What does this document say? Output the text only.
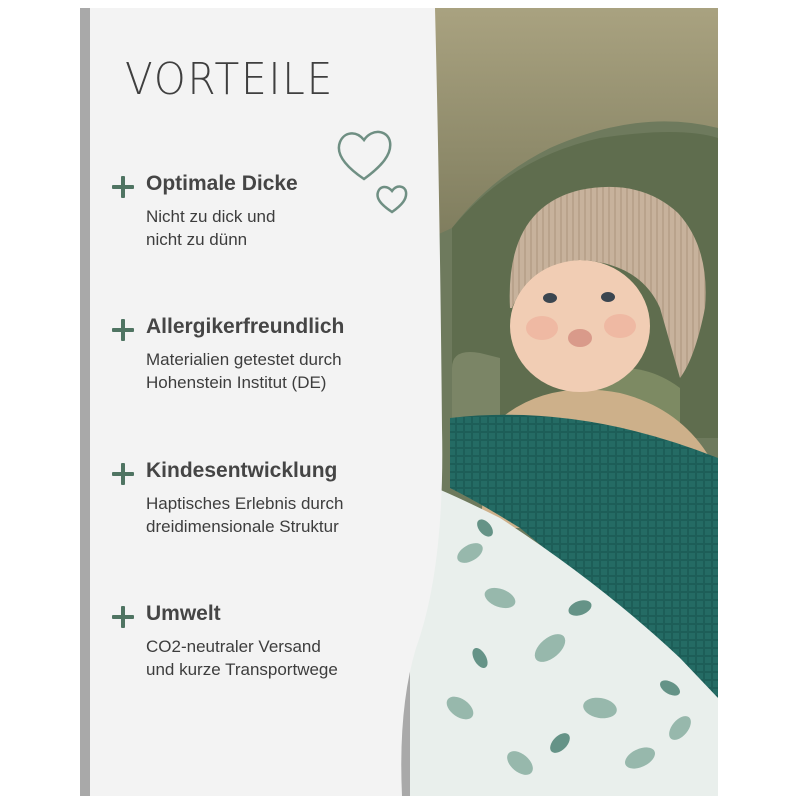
VORTEILE
Optimale Dicke
Nicht zu dick und
nicht zu dünn
Allergikerfreundlich
Materialien getestet durch
Hohenstein Institut (DE)
Kindesentwicklung
Haptisches Erlebnis durch
dreidimensionale Struktur
Umwelt
CO2-neutraler Versand
und kurze Transportwege
